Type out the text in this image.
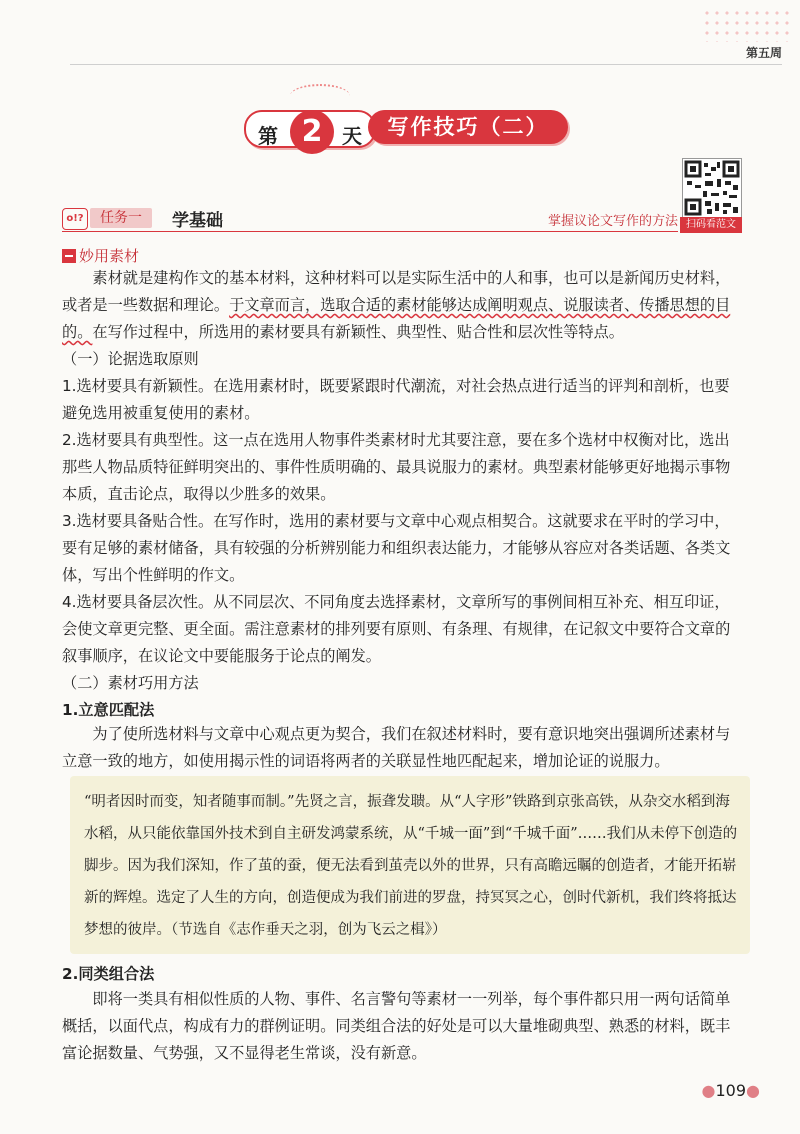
第五周
第 2 天	写作技巧（二）
扫码看范文
o!?	任务一	学基础	掌握议论文写作的方法
妙用素材
素材就是建构作文的基本材料，这种材料可以是实际生活中的人和事，也可以是新闻历史材料，或者是一些数据和理论。于文章而言，选取合适的素材能够达成阐明观点、说服读者、传播思想的目的。在写作过程中，所选用的素材要具有新颖性、典型性、贴合性和层次性等特点。
（一）论据选取原则
1.选材要具有新颖性。在选用素材时，既要紧跟时代潮流，对社会热点进行适当的评判和剖析，也要避免选用被重复使用的素材。
2.选材要具有典型性。这一点在选用人物事件类素材时尤其要注意，要在多个选材中权衡对比，选出那些人物品质特征鲜明突出的、事件性质明确的、最具说服力的素材。典型素材能够更好地揭示事物本质，直击论点，取得以少胜多的效果。
3.选材要具备贴合性。在写作时，选用的素材要与文章中心观点相契合。这就要求在平时的学习中，要有足够的素材储备，具有较强的分析辨别能力和组织表达能力，才能够从容应对各类话题、各类文体，写出个性鲜明的作文。
4.选材要具备层次性。从不同层次、不同角度去选择素材，文章所写的事例间相互补充、相互印证，会使文章更完整、更全面。需注意素材的排列要有原则、有条理、有规律，在记叙文中要符合文章的叙事顺序，在议论文中要能服务于论点的阐发。
（二）素材巧用方法
1.立意匹配法
为了使所选材料与文章中心观点更为契合，我们在叙述材料时，要有意识地突出强调所述素材与立意一致的地方，如使用揭示性的词语将两者的关联显性地匹配起来，增加论证的说服力。
“明者因时而变，知者随事而制。”先贤之言，振聋发聩。从“人字形”铁路到京张高铁，从杂交水稻到海水稻，从只能依靠国外技术到自主研发鸿蒙系统，从“千城一面”到“千城千面”……我们从未停下创造的脚步。因为我们深知，作了茧的蚕，便无法看到茧壳以外的世界，只有高瞻远瞩的创造者，才能开拓崭新的辉煌。选定了人生的方向，创造便成为我们前进的罗盘，持冥冥之心，创时代新机，我们终将抵达梦想的彼岸。（节选自《志作垂天之羽，创为飞云之楫》）
2.同类组合法
即将一类具有相似性质的人物、事件、名言警句等素材一一列举，每个事件都只用一两句话简单概括，以面代点，构成有力的群例证明。同类组合法的好处是可以大量堆砌典型、熟悉的材料，既丰富论据数量、气势强，又不显得老生常谈，没有新意。
●109●
